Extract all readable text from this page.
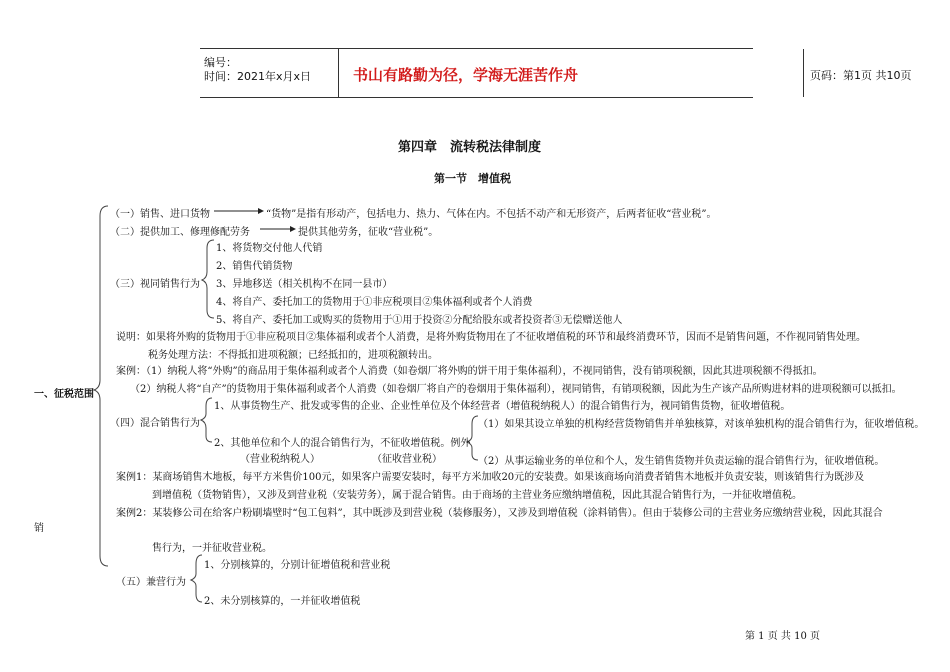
编号：
时间：2021年x月x日	书山有路勤为径，学海无涯苦作舟	页码：第1页 共10页
第四章　流转税法律制度
第一节　增值税
一、征税范围
销
（一）销售、进口货物	“货物”是指有形动产，包括电力、热力、气体在内。不包括不动产和无形资产，后两者征收“营业税”。
（二）提供加工、修理修配劳务	提供其他劳务，征收“营业税”。
（三）视同销售行为
1、将货物交付他人代销
2、销售代销货物
3、异地移送（相关机构不在同一县市）
4、将自产、委托加工的货物用于①非应税项目②集体福利或者个人消费
5、将自产、委托加工或购买的货物用于①用于投资②分配给股东或者投资者③无偿赠送他人
说明：如果将外购的货物用于①非应税项目②集体福利或者个人消费，是将外购货物用在了不征收增值税的环节和最终消费环节，因而不是销售问题，不作视同销售处理。
税务处理方法：不得抵扣进项税额；已经抵扣的，进项税额转出。
案例：（1）纳税人将“外购”的商品用于集体福利或者个人消费（如卷烟厂将外购的饼干用于集体福利），不视同销售，没有销项税额，因此其进项税额不得抵扣。
（2）纳税人将“自产”的货物用于集体福利或者个人消费（如卷烟厂将自产的卷烟用于集体福利），视同销售，有销项税额，因此为生产该产品所购进材料的进项税额可以抵扣。
（四）混合销售行为
1、从事货物生产、批发或零售的企业、企业性单位及个体经营者（增值税纳税人）的混合销售行为，视同销售货物，征收增值税。
2、其他单位和个人的混合销售行为，不征收增值税。例外
（营业税纳税人）	（征收营业税）
（1）如果其设立单独的机构经营货物销售并单独核算，对该单独机构的混合销售行为，征收增值税。
（2）从事运输业务的单位和个人，发生销售货物并负责运输的混合销售行为，征收增值税。
案例1：某商场销售木地板，每平方米售价100元，如果客户需要安装时，每平方米加收20元的安装费。如果该商场向消费者销售木地板并负责安装，则该销售行为既涉及
到增值税（货物销售），又涉及到营业税（安装劳务），属于混合销售。由于商场的主营业务应缴纳增值税，因此其混合销售行为，一并征收增值税。
案例2：某装修公司在给客户粉刷墙壁时“包工包料”，其中既涉及到营业税（装修服务），又涉及到增值税（涂料销售）。但由于装修公司的主营业务应缴纳营业税，因此其混合
售行为，一并征收营业税。
（五）兼营行为
1、分别核算的，分别计征增值税和营业税
2、未分别核算的，一并征收增值税
第 1 页 共 10 页
